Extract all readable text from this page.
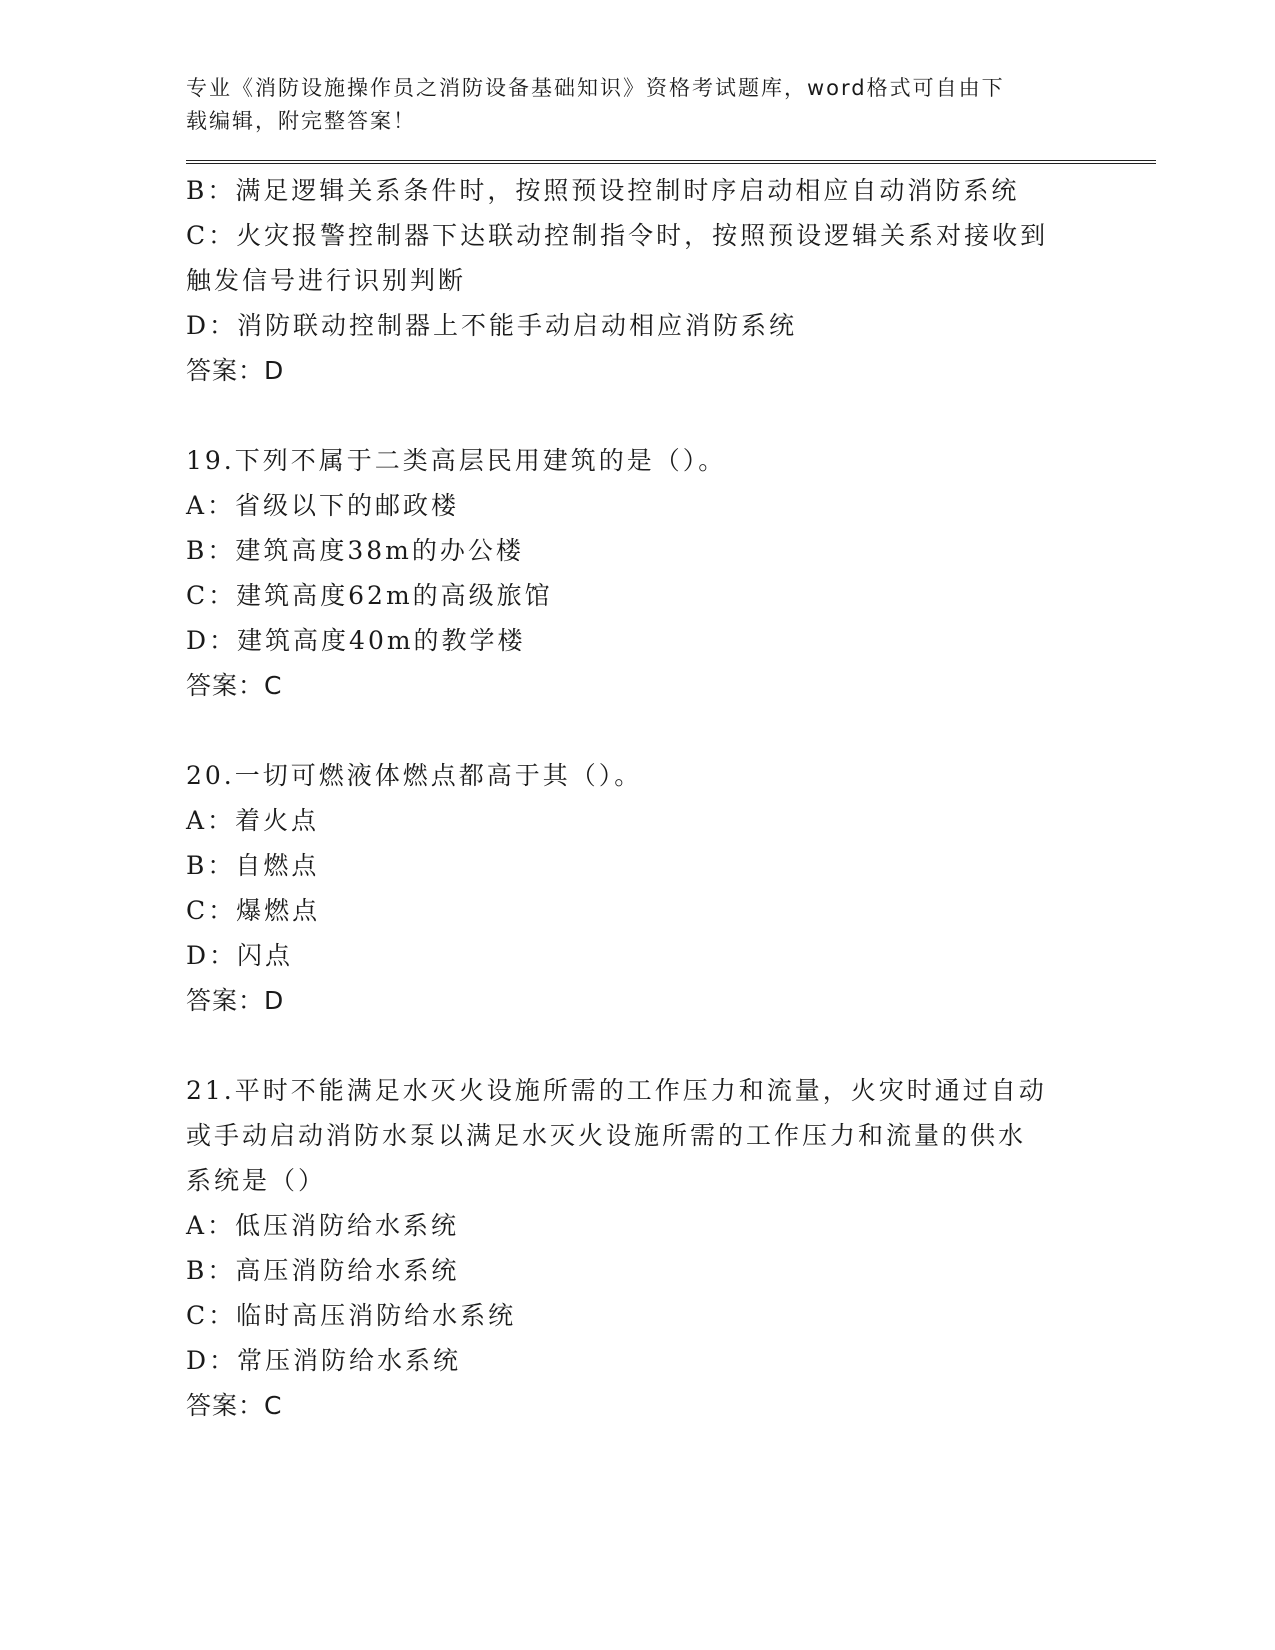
专业《消防设施操作员之消防设备基础知识》资格考试题库，word格式可自由下
载编辑，附完整答案！
B：满足逻辑关系条件时，按照预设控制时序启动相应自动消防系统
C：火灾报警控制器下达联动控制指令时，按照预设逻辑关系对接收到
触发信号进行识别判断
D：消防联动控制器上不能手动启动相应消防系统
答案：D
19.下列不属于二类高层民用建筑的是（）。
A：省级以下的邮政楼
B：建筑高度38m的办公楼
C：建筑高度62m的高级旅馆
D：建筑高度40m的教学楼
答案：C
20.一切可燃液体燃点都高于其（）。
A：着火点
B：自燃点
C：爆燃点
D：闪点
答案：D
21.平时不能满足水灭火设施所需的工作压力和流量，火灾时通过自动
或手动启动消防水泵以满足水灭火设施所需的工作压力和流量的供水
系统是（）
A：低压消防给水系统
B：高压消防给水系统
C：临时高压消防给水系统
D：常压消防给水系统
答案：C
